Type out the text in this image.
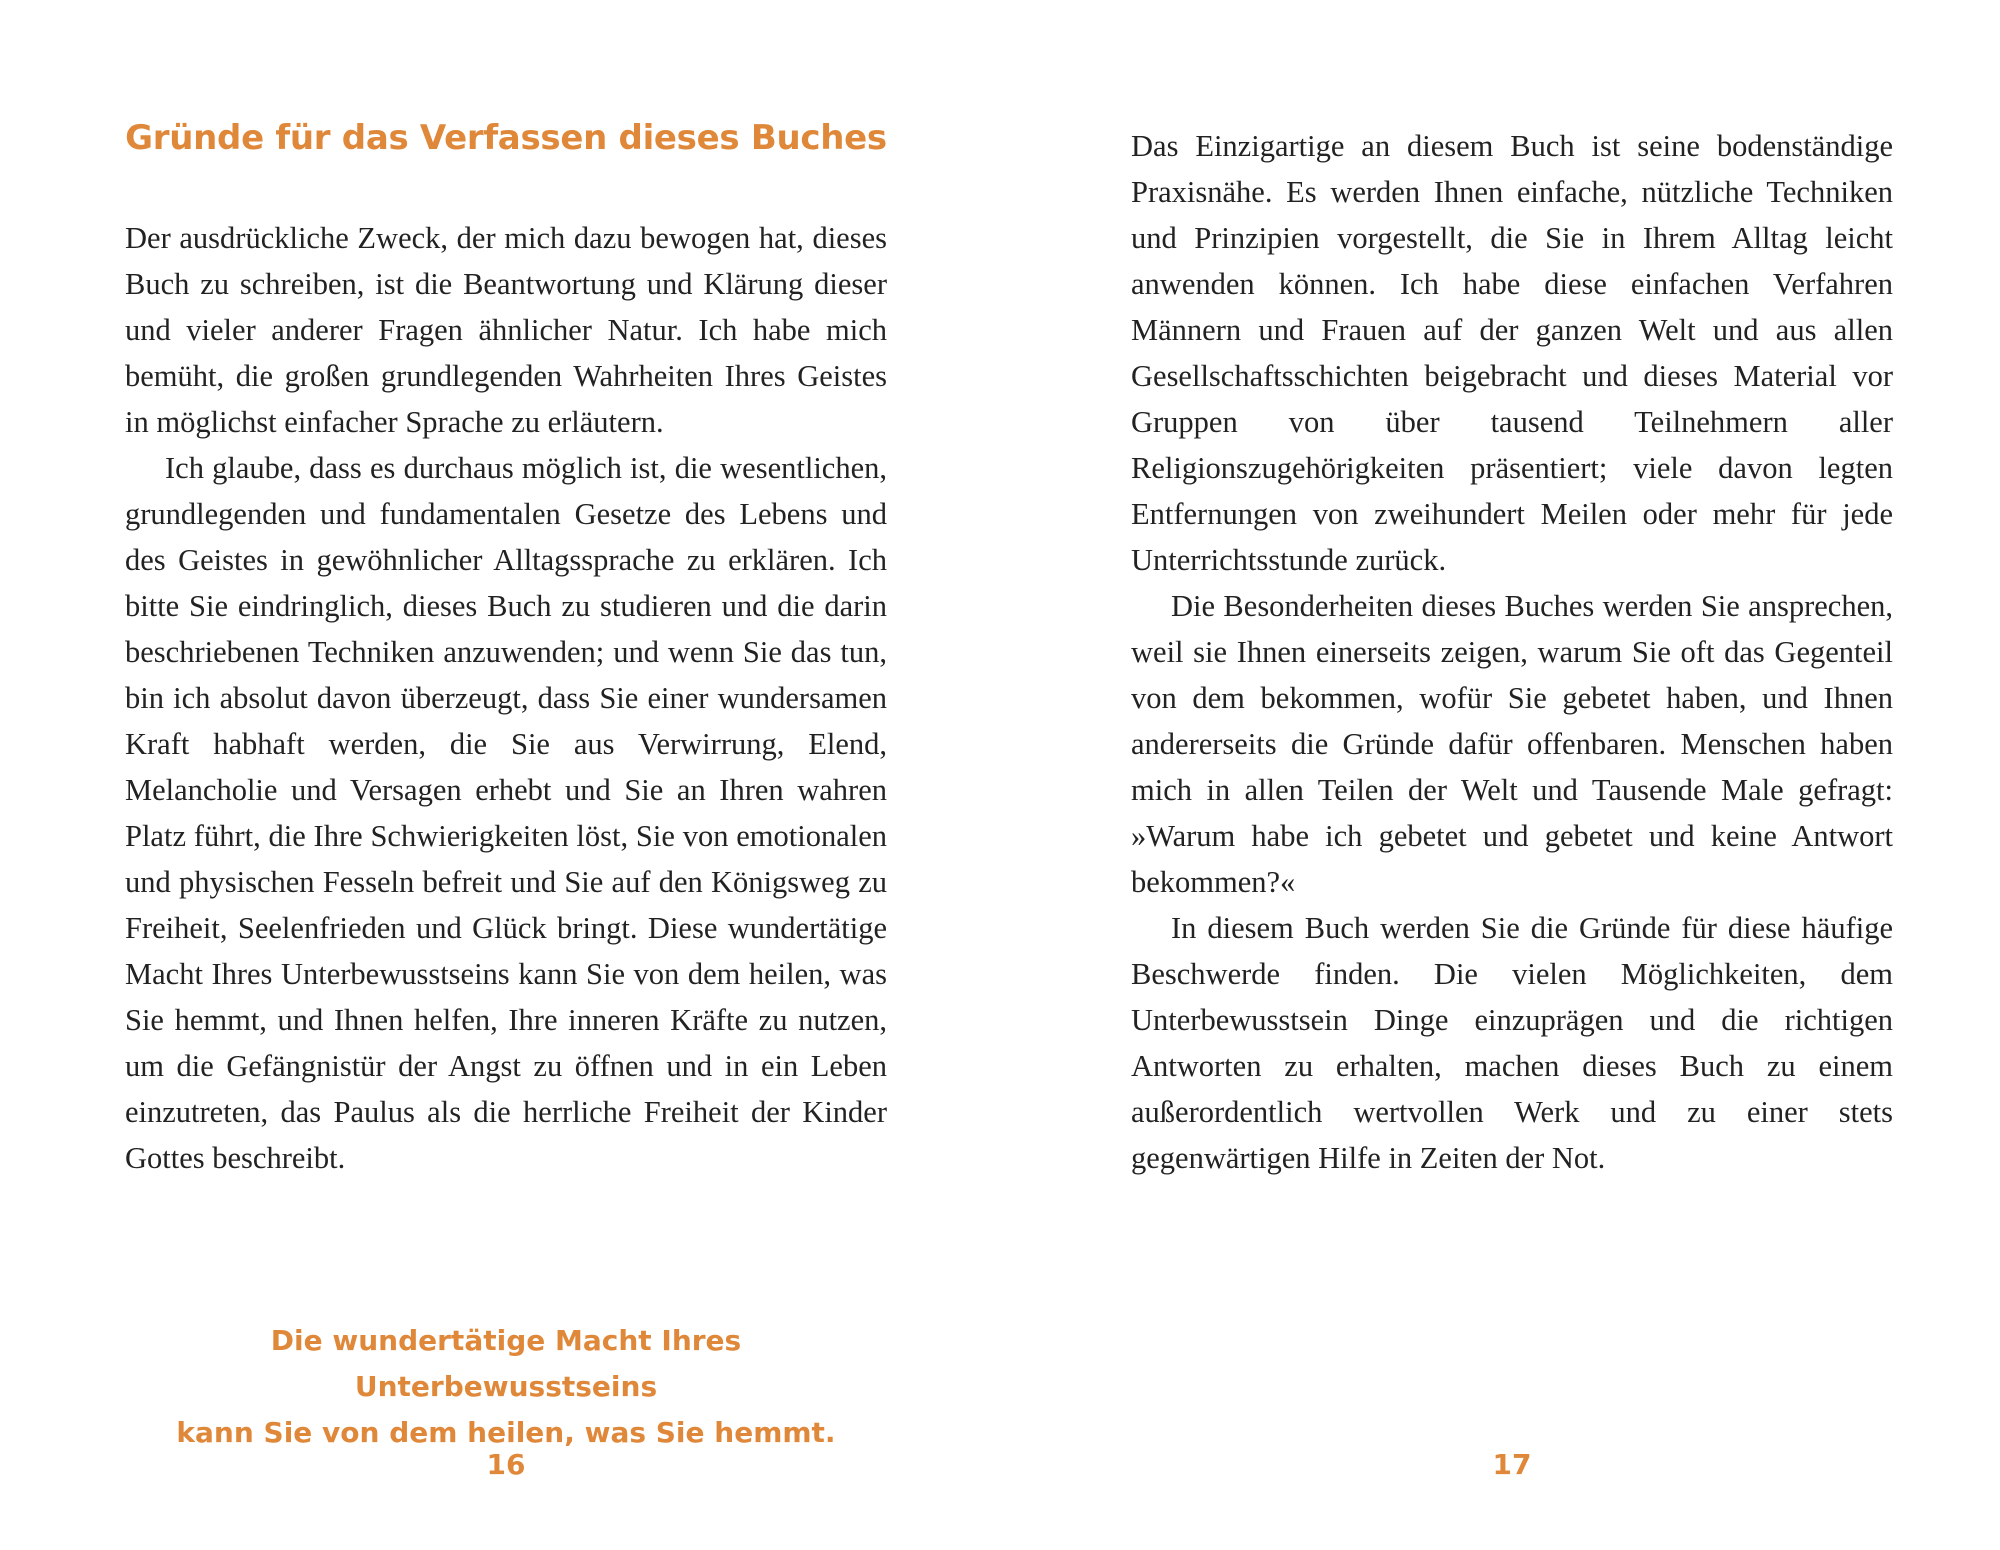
Gründe für das Verfassen dieses Buches

Der ausdrückliche Zweck, der mich dazu bewogen hat, dieses Buch zu schreiben, ist die Beantwortung und Klärung dieser und vieler anderer Fragen ähnlicher Natur. Ich habe mich bemüht, die großen grundlegenden Wahrheiten Ihres Geistes in möglichst einfacher Sprache zu erläutern.

Ich glaube, dass es durchaus möglich ist, die wesentlichen, grundlegenden und fundamentalen Gesetze des Lebens und des Geistes in gewöhnlicher Alltagssprache zu erklären. Ich bitte Sie eindringlich, dieses Buch zu studieren und die darin beschriebenen Techniken anzuwenden; und wenn Sie das tun, bin ich absolut davon überzeugt, dass Sie einer wundersamen Kraft habhaft werden, die Sie aus Verwirrung, Elend, Melancholie und Versagen erhebt und Sie an Ihren wahren Platz führt, die Ihre Schwierigkeiten löst, Sie von emotionalen und physischen Fesseln befreit und Sie auf den Königsweg zu Freiheit, Seelenfrieden und Glück bringt. Diese wundertätige Macht Ihres Unterbewusstseins kann Sie von dem heilen, was Sie hemmt, und Ihnen helfen, Ihre inneren Kräfte zu nutzen, um die Gefängnistür der Angst zu öffnen und in ein Leben einzutreten, das Paulus als die herrliche Freiheit der Kinder Gottes beschreibt.

Die wundertätige Macht Ihres Unterbewusstseins
kann Sie von dem heilen, was Sie hemmt.
16

Das Einzigartige an diesem Buch ist seine bodenständige Praxisnähe. Es werden Ihnen einfache, nützliche Techniken und Prinzipien vorgestellt, die Sie in Ihrem Alltag leicht anwenden können. Ich habe diese einfachen Verfahren Männern und Frauen auf der ganzen Welt und aus allen Gesellschaftsschichten beigebracht und dieses Material vor Gruppen von über tausend Teilnehmern aller Religionszugehörigkeiten präsentiert; viele davon legten Entfernungen von zweihundert Meilen oder mehr für jede Unterrichtsstunde zurück.

Die Besonderheiten dieses Buches werden Sie ansprechen, weil sie Ihnen einerseits zeigen, warum Sie oft das Gegenteil von dem bekommen, wofür Sie gebetet haben, und Ihnen andererseits die Gründe dafür offenbaren. Menschen haben mich in allen Teilen der Welt und Tausende Male gefragt: »Warum habe ich gebetet und gebetet und keine Antwort bekommen?«

In diesem Buch werden Sie die Gründe für diese häufige Beschwerde finden. Die vielen Möglichkeiten, dem Unterbewusstsein Dinge einzuprägen und die richtigen Antworten zu erhalten, machen dieses Buch zu einem außerordentlich wertvollen Werk und zu einer stets gegenwärtigen Hilfe in Zeiten der Not.

17
